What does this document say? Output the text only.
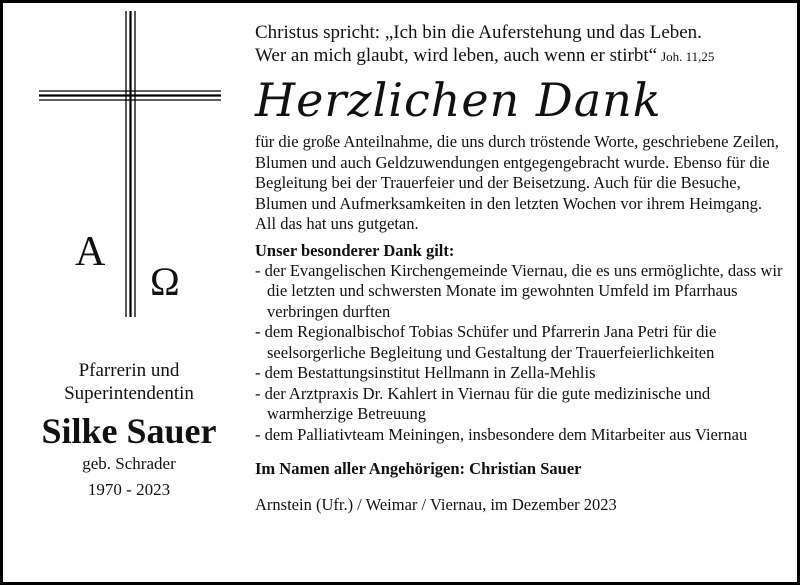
A
Ω
Pfarrerin und
Superintendentin
Silke Sauer
geb. Schrader
1970 - 2023
Christus spricht: „Ich bin die Auferstehung und das Leben.
Wer an mich glaubt, wird leben, auch wenn er stirbt“ Joh. 11,25
Herzlichen Dank
für die große Anteilnahme, die uns durch tröstende Worte, geschriebene Zeilen, Blumen und auch Geldzuwendungen entgegengebracht wurde. Ebenso für die Begleitung bei der Trauerfeier und der Beisetzung. Auch für die Besuche, Blumen und Aufmerksamkeiten in den letzten Wochen vor ihrem Heimgang. All das hat uns gutgetan.
Unser besonderer Dank gilt:
- der Evangelischen Kirchengemeinde Viernau, die es uns ermöglichte, dass wir die letzten und schwersten Monate im gewohnten Umfeld im Pfarrhaus verbringen durften
- dem Regionalbischof Tobias Schüfer und Pfarrerin Jana Petri für die seelsorgerliche Begleitung und Gestaltung der Trauerfeierlichkeiten
- dem Bestattungsinstitut Hellmann in Zella-Mehlis
- der Arztpraxis Dr. Kahlert in Viernau für die gute medizinische und warmherzige Betreuung
- dem Palliativteam Meiningen, insbesondere dem Mitarbeiter aus Viernau
Im Namen aller Angehörigen: Christian Sauer
Arnstein (Ufr.) / Weimar / Viernau, im Dezember 2023
